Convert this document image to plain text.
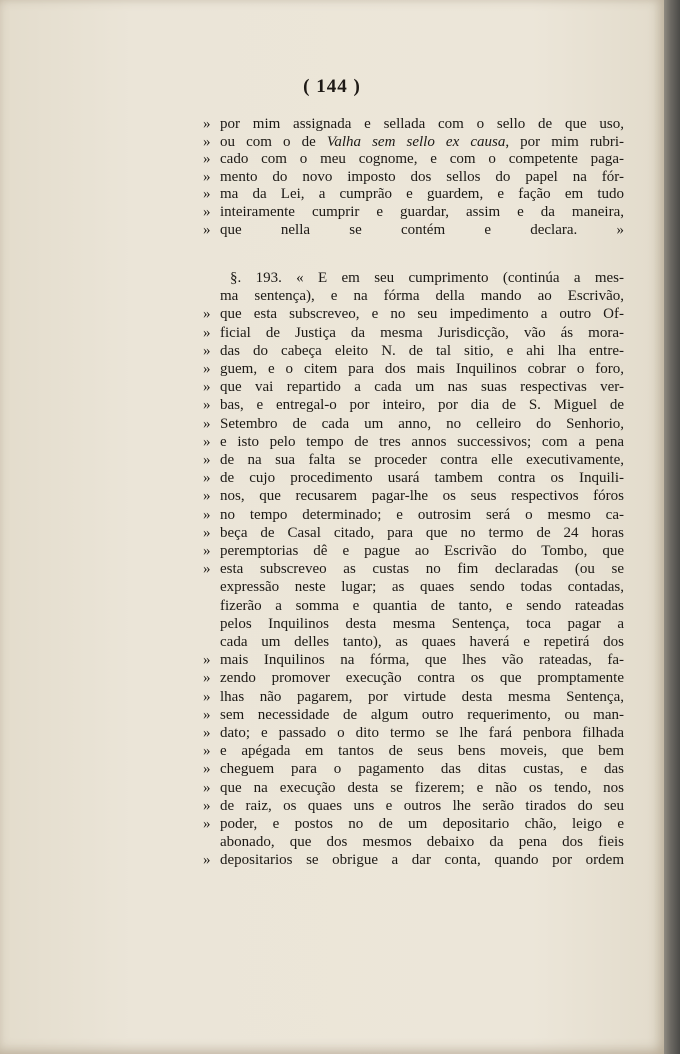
( 144 )
» por mim assignada e sellada com o sello de que uso,
» ou com o de Valha sem sello ex causa, por mim rubri-
» cado com o meu cognome, e com o competente paga-
» mento do novo imposto dos sellos do papel na fór-
» ma da Lei, a cumprão e guardem, e fação em tudo
» inteiramente cumprir e guardar, assim e da maneira,
» que nella se contém e declara. »
§. 193. « E em seu cumprimento (continúa a mes-
ma sentença), e na fórma della mando ao Escrivão,
» que esta subscreveo, e no seu impedimento a outro Of-
» ficial de Justiça da mesma Jurisdicção, vão ás mora-
» das do cabeça eleito N. de tal sitio, e ahi lha entre-
» guem, e o citem para dos mais Inquilinos cobrar o foro,
» que vai repartido a cada um nas suas respectivas ver-
» bas, e entregal-o por inteiro, por dia de S. Miguel de
» Setembro de cada um anno, no celleiro do Senhorio,
» e isto pelo tempo de tres annos successivos; com a pena
» de na sua falta se proceder contra elle executivamente,
» de cujo procedimento usará tambem contra os Inquili-
» nos, que recusarem pagar-lhe os seus respectivos fóros
» no tempo determinado; e outrosim será o mesmo ca-
» beça de Casal citado, para que no termo de 24 horas
» peremptorias dê e pague ao Escrivão do Tombo, que
» esta subscreveo as custas no fim declaradas (ou se
expressão neste lugar; as quaes sendo todas contadas,
fizerão a somma e quantia de tanto, e sendo rateadas
pelos Inquilinos desta mesma Sentença, toca pagar a
cada um delles tanto), as quaes haverá e repetirá dos
» mais Inquilinos na fórma, que lhes vão rateadas, fa-
» zendo promover execução contra os que promptamente
» lhas não pagarem, por virtude desta mesma Sentença,
» sem necessidade de algum outro requerimento, ou man-
» dato; e passado o dito termo se lhe fará penbora filhada
» e apégada em tantos de seus bens moveis, que bem
» cheguem para o pagamento das ditas custas, e das
» que na execução desta se fizerem; e não os tendo, nos
» de raiz, os quaes uns e outros lhe serão tirados do seu
» poder, e postos no de um depositario chão, leigo e
abonado, que dos mesmos debaixo da pena dos fieis
» depositarios se obrigue a dar conta, quando por ordem
